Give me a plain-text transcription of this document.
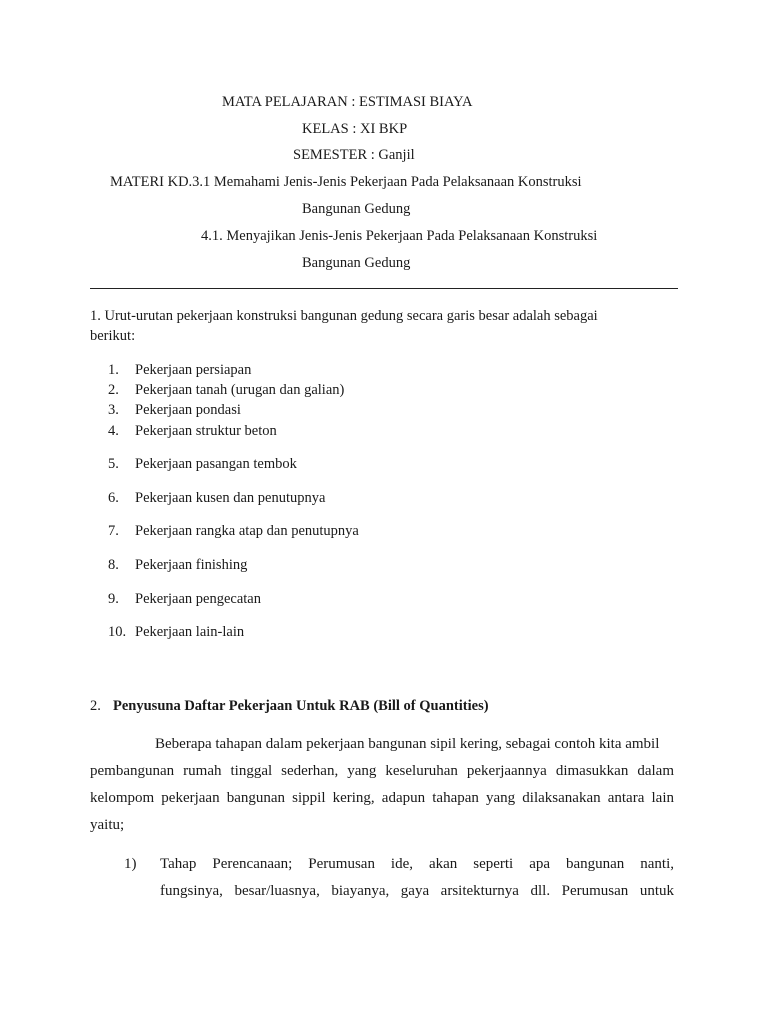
MATA PELAJARAN : ESTIMASI BIAYA
KELAS : XI BKP
SEMESTER : Ganjil
MATERI KD.3.1 Memahami Jenis-Jenis Pekerjaan Pada Pelaksanaan Konstruksi
Bangunan Gedung
4.1. Menyajikan Jenis-Jenis Pekerjaan Pada Pelaksanaan Konstruksi
Bangunan Gedung
1. Urut-urutan pekerjaan konstruksi bangunan gedung secara garis besar adalah sebagai
berikut:
1. Pekerjaan persiapan
2. Pekerjaan tanah (urugan dan galian)
3. Pekerjaan pondasi
4. Pekerjaan struktur beton
5. Pekerjaan pasangan tembok
6. Pekerjaan kusen dan penutupnya
7. Pekerjaan rangka atap dan penutupnya
8. Pekerjaan finishing
9. Pekerjaan pengecatan
10. Pekerjaan lain-lain
2. Penyusuna Daftar Pekerjaan Untuk RAB (Bill of Quantities)
Beberapa tahapan dalam pekerjaan bangunan sipil kering, sebagai contoh kita ambil
pembangunan rumah tinggal sederhan, yang keseluruhan pekerjaannya dimasukkan dalam
kelompom pekerjaan bangunan sippil kering, adapun tahapan yang dilaksanakan antara lain
yaitu;
1) Tahap Perencanaan; Perumusan ide, akan seperti apa bangunan nanti,
fungsinya, besar/luasnya, biayanya, gaya arsitekturnya dll. Perumusan untuk
